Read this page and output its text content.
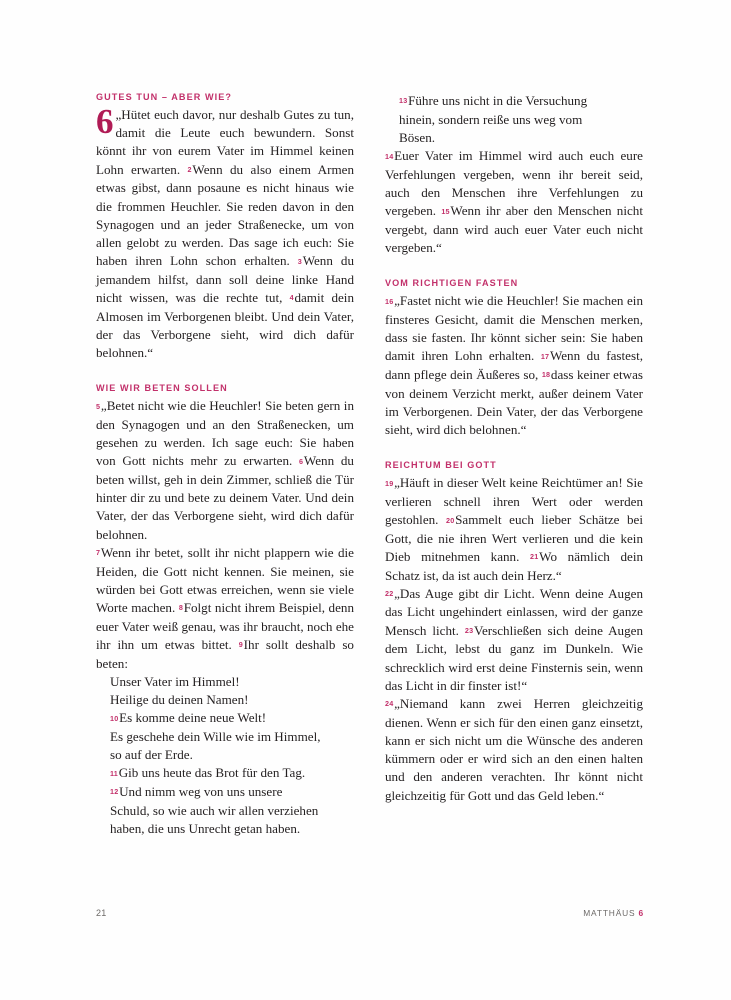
GUTES TUN – ABER WIE?

6 „Hütet euch davor, nur deshalb Gutes zu tun, damit die Leute euch bewundern. Sonst könnt ihr von eurem Vater im Himmel keinen Lohn erwarten. 2Wenn du also einem Armen etwas gibst, dann posaune es nicht hinaus wie die frommen Heuchler. Sie reden davon in den Synagogen und an jeder Straßenecke, um von allen gelobt zu werden. Das sage ich euch: Sie haben ihren Lohn schon erhalten. 3Wenn du jemandem hilfst, dann soll deine linke Hand nicht wissen, was die rechte tut, 4damit dein Almosen im Verborgenen bleibt. Und dein Vater, der das Verborgene sieht, wird dich dafür belohnen.“

WIE WIR BETEN SOLLEN

5„Betet nicht wie die Heuchler! Sie beten gern in den Synagogen und an den Straßenecken, um gesehen zu werden. Ich sage euch: Sie haben von Gott nichts mehr zu erwarten. 6Wenn du beten willst, geh in dein Zimmer, schließ die Tür hinter dir zu und bete zu deinem Vater. Und dein Vater, der das Verborgene sieht, wird dich dafür belohnen.

7Wenn ihr betet, sollt ihr nicht plappern wie die Heiden, die Gott nicht kennen. Sie meinen, sie würden bei Gott etwas erreichen, wenn sie viele Worte machen. 8Folgt nicht ihrem Beispiel, denn euer Vater weiß genau, was ihr braucht, noch ehe ihr ihn um etwas bittet. 9Ihr sollt deshalb so beten:

Unser Vater im Himmel!
Heilige du deinen Namen!
10Es komme deine neue Welt!
Es geschehe dein Wille wie im Himmel,
so auf der Erde.
11Gib uns heute das Brot für den Tag.
12Und nimm weg von uns unsere
Schuld, so wie auch wir allen verziehen
haben, die uns Unrecht getan haben.
13Führe uns nicht in die Versuchung
hinein, sondern reiße uns weg vom
Bösen.

14Euer Vater im Himmel wird auch euch eure Verfehlungen vergeben, wenn ihr bereit seid, auch den Menschen ihre Verfehlungen zu vergeben. 15Wenn ihr aber den Menschen nicht vergebt, dann wird auch euer Vater euch nicht vergeben.“

VOM RICHTIGEN FASTEN

16„Fastet nicht wie die Heuchler! Sie machen ein finsteres Gesicht, damit die Menschen merken, dass sie fasten. Ihr könnt sicher sein: Sie haben damit ihren Lohn erhalten. 17Wenn du fastest, dann pflege dein Äußeres so, 18dass keiner etwas von deinem Verzicht merkt, außer deinem Vater im Verborgenen. Dein Vater, der das Verborgene sieht, wird dich belohnen.“

REICHTUM BEI GOTT

19„Häuft in dieser Welt keine Reichtümer an! Sie verlieren schnell ihren Wert oder werden gestohlen. 20Sammelt euch lieber Schätze bei Gott, die nie ihren Wert verlieren und die kein Dieb mitnehmen kann. 21Wo nämlich dein Schatz ist, da ist auch dein Herz.“

22„Das Auge gibt dir Licht. Wenn deine Augen das Licht ungehindert einlassen, wird der ganze Mensch licht. 23Verschließen sich deine Augen dem Licht, lebst du ganz im Dunkeln. Wie schrecklich wird erst deine Finsternis sein, wenn das Licht in dir finster ist!“

24„Niemand kann zwei Herren gleichzeitig dienen. Wenn er sich für den einen ganz einsetzt, kann er sich nicht um die Wünsche des anderen kümmern oder er wird sich an den einen halten und den anderen verachten. Ihr könnt nicht gleichzeitig für Gott und das Geld leben.“

21	MATTHÄUS 6
